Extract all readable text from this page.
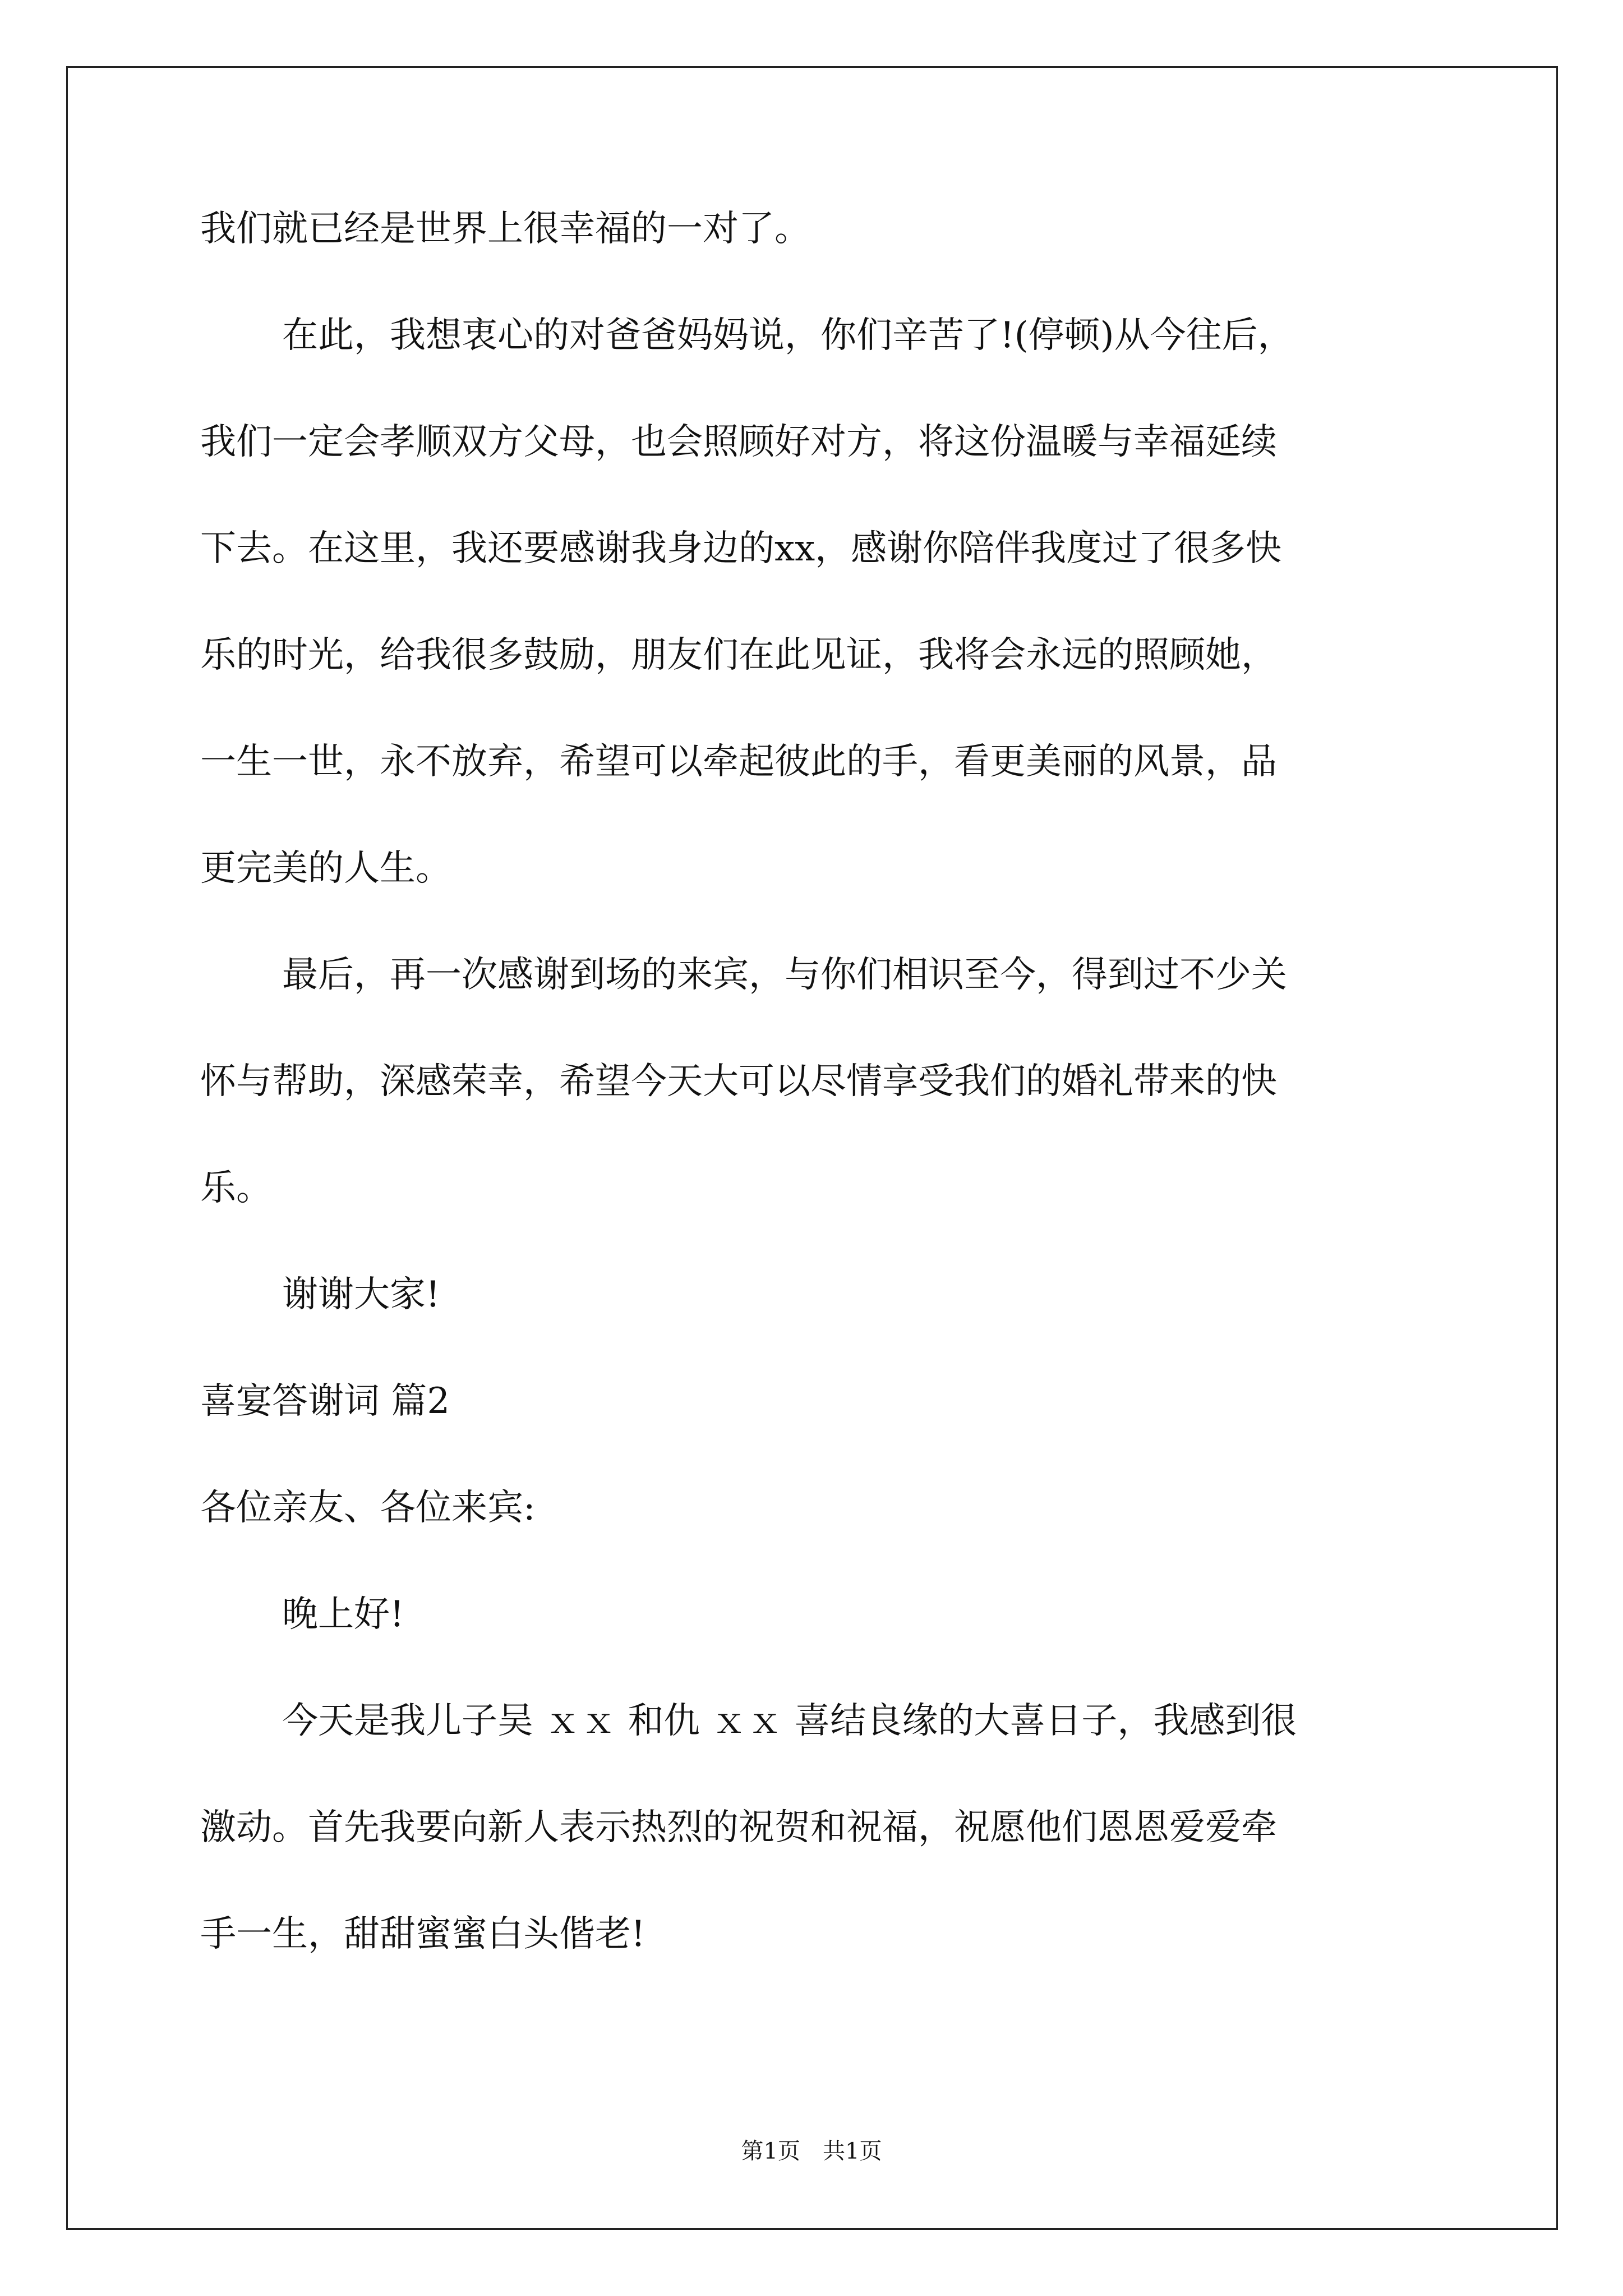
我们就已经是世界上很幸福的一对了。
在此，我想衷心的对爸爸妈妈说，你们辛苦了!(停顿)从今往后，
我们一定会孝顺双方父母，也会照顾好对方，将这份温暖与幸福延续
下去。在这里，我还要感谢我身边的xx，感谢你陪伴我度过了很多快
乐的时光，给我很多鼓励，朋友们在此见证，我将会永远的照顾她，
一生一世，永不放弃，希望可以牵起彼此的手，看更美丽的风景，品
更完美的人生。
最后，再一次感谢到场的来宾，与你们相识至今，得到过不少关
怀与帮助，深感荣幸，希望今天大可以尽情享受我们的婚礼带来的快
乐。
谢谢大家!
喜宴答谢词 篇2
各位亲友、各位来宾:
晚上好!
今天是我儿子吴 ｘｘ 和仇 ｘｘ 喜结良缘的大喜日子，我感到很
激动。首先我要向新人表示热烈的祝贺和祝福，祝愿他们恩恩爱爱牵
手一生，甜甜蜜蜜白头偕老!
第1页　共1页
